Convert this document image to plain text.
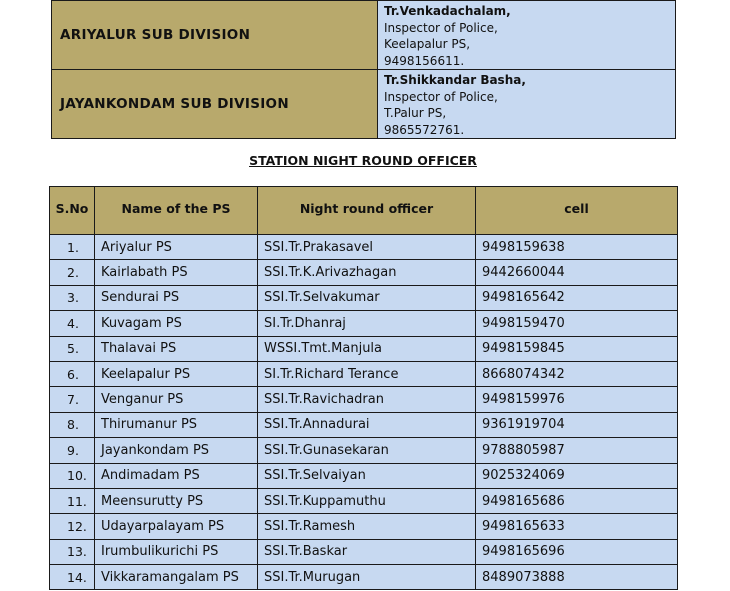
ARIYALUR SUB DIVISION	Tr.Venkadachalam,
Inspector of Police,
Keelapalur PS,
9498156611.

JAYANKONDAM SUB DIVISION	Tr.Shikkandar Basha,
Inspector of Police,
T.Palur PS,
9865572761.
STATION NIGHT ROUND OFFICER
S.No	Name of the PS	Night round officer	cell
1.	Ariyalur PS	SSI.Tr.Prakasavel	9498159638
2.	Kairlabath PS	SSI.Tr.K.Arivazhagan	9442660044
3.	Sendurai PS	SSI.Tr.Selvakumar	9498165642
4.	Kuvagam PS	SI.Tr.Dhanraj	9498159470
5.	Thalavai PS	WSSI.Tmt.Manjula	9498159845
6.	Keelapalur PS	SI.Tr.Richard Terance	8668074342
7.	Venganur PS	SSI.Tr.Ravichadran	9498159976
8.	Thirumanur PS	SSI.Tr.Annadurai	9361919704
9.	Jayankondam PS	SSI.Tr.Gunasekaran	9788805987
10.	Andimadam PS	SSI.Tr.Selvaiyan	9025324069
11.	Meensurutty PS	SSI.Tr.Kuppamuthu	9498165686
12.	Udayarpalayam PS	SSI.Tr.Ramesh	9498165633
13.	Irumbulikurichi PS	SSI.Tr.Baskar	9498165696
14.	Vikkaramangalam PS	SSI.Tr.Murugan	8489073888
